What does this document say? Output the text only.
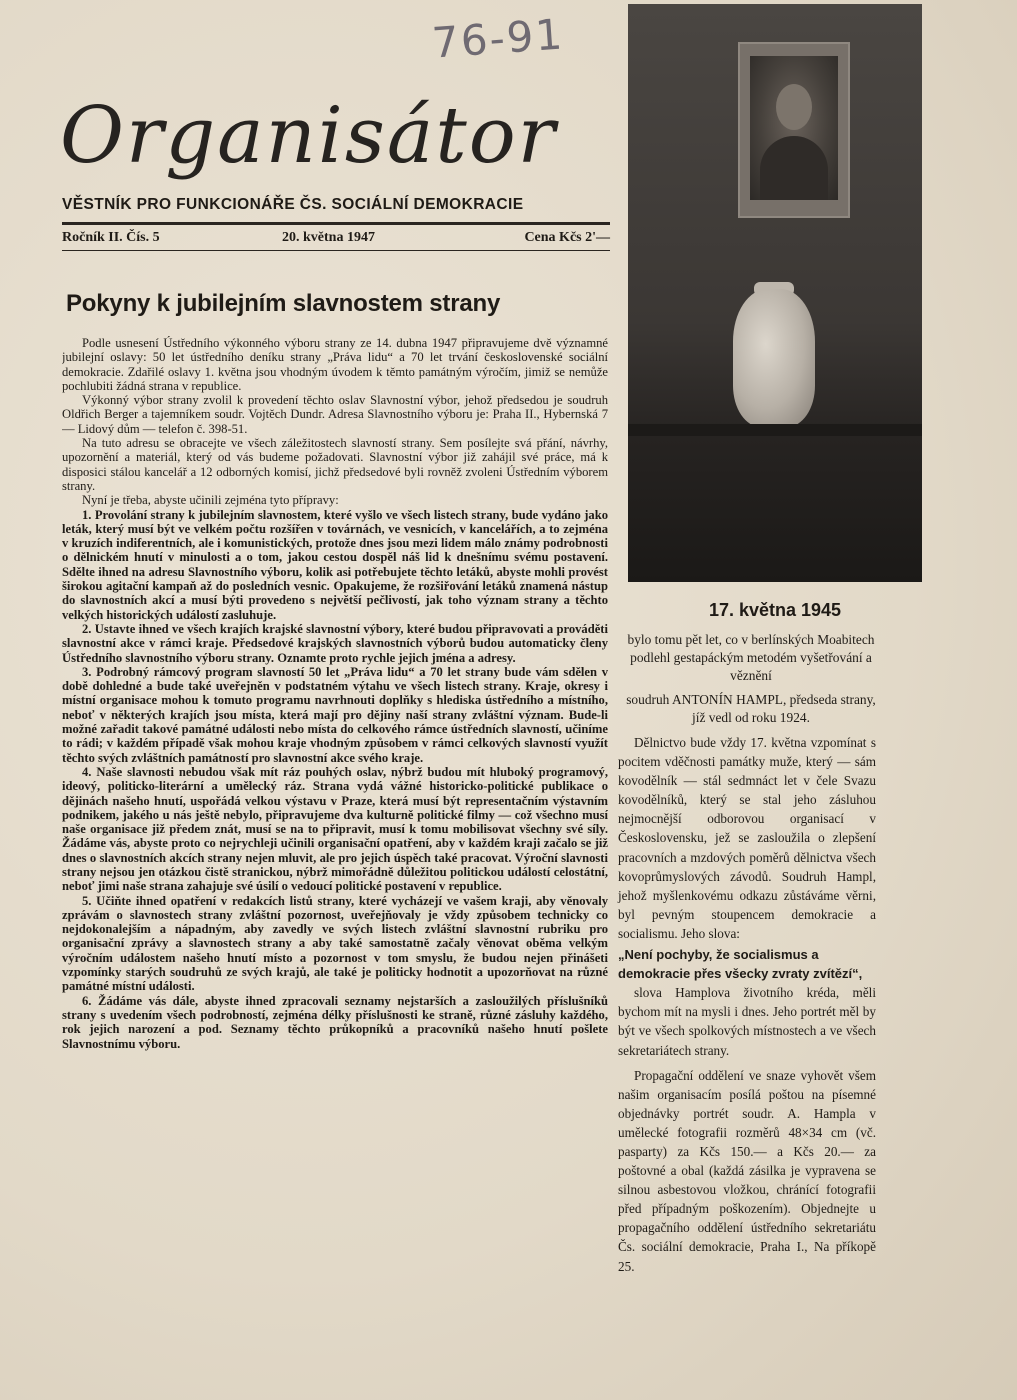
76-91
Organisátor
VĚSTNÍK PRO FUNKCIONÁŘE ČS. SOCIÁLNÍ DEMOKRACIE
Ročník II. Čís. 5	20. května 1947	Cena Kčs 2'—
Pokyny k jubilejním slavnostem strany

Podle usnesení Ústředního výkonného výboru strany ze 14. dubna 1947 připravujeme dvě významné jubilejní oslavy: 50 let ústředního deníku strany „Práva lidu“ a 70 let trvání československé sociální demokracie. Zdařilé oslavy 1. května jsou vhodným úvodem k těmto památným výročím, jimiž se nemůže pochlubiti žádná strana v republice.

Výkonný výbor strany zvolil k provedení těchto oslav Slavnostní výbor, jehož předsedou je soudruh Oldřich Berger a tajemníkem soudr. Vojtěch Dundr. Adresa Slavnostního výboru je: Praha II., Hybernská 7 — Lidový dům — telefon č. 398-51.

Na tuto adresu se obracejte ve všech záležitostech slavností strany. Sem posílejte svá přání, návrhy, upozornění a materiál, který od vás budeme požadovati. Slavnostní výbor již zahájil své práce, má k disposici stálou kancelář a 12 odborných komisí, jichž předsedové byli rovněž zvoleni Ústředním výborem strany.

Nyní je třeba, abyste učinili zejména tyto přípravy:

1. Provolání strany k jubilejním slavnostem, které vyšlo ve všech listech strany, bude vydáno jako leták, který musí být ve velkém počtu rozšířen v továrnách, ve vesnicích, v kancelářích, a to zejména v kruzích indiferentních, ale i komunistických, protože dnes jsou mezi lidem málo známy podrobnosti o dělnickém hnutí v minulosti a o tom, jakou cestou dospěl náš lid k dnešnímu svému postavení. Sdělte ihned na adresu Slavnostního výboru, kolik asi potřebujete těchto letáků, abyste mohli provést širokou agitační kampaň až do posledních vesnic. Opakujeme, že rozšiřování letáků znamená nástup do slavnostních akcí a musí býti provedeno s největší pečlivostí, jak toho význam strany a těchto velkých historických událostí zasluhuje.

2. Ustavte ihned ve všech krajích krajské slavnostní výbory, které budou připravovati a prováděti slavnostní akce v rámci kraje. Předsedové krajských slavnostních výborů budou automaticky členy Ústředního slavnostního výboru strany. Oznamte proto rychle jejich jména a adresy.

3. Podrobný rámcový program slavností 50 let „Práva lidu“ a 70 let strany bude vám sdělen v době dohledné a bude také uveřejněn v podstatném výtahu ve všech listech strany. Kraje, okresy i místní organisace mohou k tomuto programu navrhnouti doplňky s hlediska ústředního a místního, neboť v některých krajích jsou místa, která mají pro dějiny naší strany zvláštní význam. Bude-li možné zařadit takové památné události nebo místa do celkového rámce ústředních slavností, učiníme to rádi; v každém případě však mohou kraje vhodným způsobem v rámci celkových slavností využít těchto svých zvláštních památností pro slavnostní akce svého kraje.

4. Naše slavnosti nebudou však mít ráz pouhých oslav, nýbrž budou mít hluboký programový, ideový, politicko-literární a umělecký ráz. Strana vydá vážné historicko-politické publikace o dějinách našeho hnutí, uspořádá velkou výstavu v Praze, která musí být representačním výstavním podnikem, jakého u nás ještě nebylo, připravujeme dva kulturně politické filmy — což všechno musí naše organisace již předem znát, musí se na to připravit, musí k tomu mobilisovat všechny své síly. Žádáme vás, abyste proto co nejrychleji učinili organisační opatření, aby v každém kraji začalo se již dnes o slavnostních akcích strany nejen mluvit, ale pro jejich úspěch také pracovat. Výroční slavnosti strany nejsou jen otázkou čistě stranickou, nýbrž mimořádně důležitou politickou událostí celostátní, neboť jimi naše strana zahajuje své úsilí o vedoucí politické postavení v republice.

5. Učiňte ihned opatření v redakcích listů strany, které vycházejí ve vašem kraji, aby věnovaly zprávám o slavnostech strany zvláštní pozornost, uveřejňovaly je vždy způsobem technicky co nejdokonalejším a nápadným, aby zavedly ve svých listech zvláštní slavnostní rubriku pro organisační zprávy a slavnostech strany a aby také samostatně začaly věnovat oběma velkým výročním událostem našeho hnutí místo a pozornost v tom smyslu, že budou nejen přinášeti vzpomínky starých soudruhů ze svých krajů, ale také je politicky hodnotit a upozorňovat na různé památné místní události.

6. Žádáme vás dále, abyste ihned zpracovali seznamy nejstarších a zasloužilých příslušníků strany s uvedením všech podrobností, zejména délky příslušnosti ke straně, různé zásluhy každého, rok jejich narození a pod. Seznamy těchto průkopníků a pracovníků našeho hnutí pošlete Slavnostnímu výboru.

17. května 1945

bylo tomu pět let, co v berlínských Moabitech podlehl gestapáckým metodém vyšetřování a věznění

soudruh ANTONÍN HAMPL, předseda strany, jíž vedl od roku 1924.

Dělnictvo bude vždy 17. května vzpomínat s pocitem vděčnosti památky muže, který — sám kovodělník — stál sedmnáct let v čele Svazu kovodělníků, který se stal jeho zásluhou nejmocnější odborovou organisací v Československu, jež se zasloužila o zlepšení pracovních a mzdových poměrů dělnictva všech kovoprůmyslových závodů. Soudruh Hampl, jehož myšlenkovému odkazu zůstáváme věrni, byl pevným stoupencem demokracie a socialismu. Jeho slova:

„Není pochyby, že socialismus a demokracie přes všecky zvraty zvítězí“,

slova Hamplova životního kréda, měli bychom mít na mysli i dnes. Jeho portrét měl by být ve všech spolkových místnostech a ve všech sekretariátech strany.

Propagační oddělení ve snaze vyhovět všem našim organisacím posílá poštou na písemné objednávky portrét soudr. A. Hampla v umělecké fotografii rozměrů 48×34 cm (vč. pasparty) za Kčs 150.— a Kčs 20.— za poštovné a obal (každá zásilka je vypravena se silnou asbestovou vložkou, chránící fotografii před případným poškozením). Objednejte u propagačního oddělení ústředního sekretariátu Čs. sociální demokracie, Praha I., Na příkopě 25.
